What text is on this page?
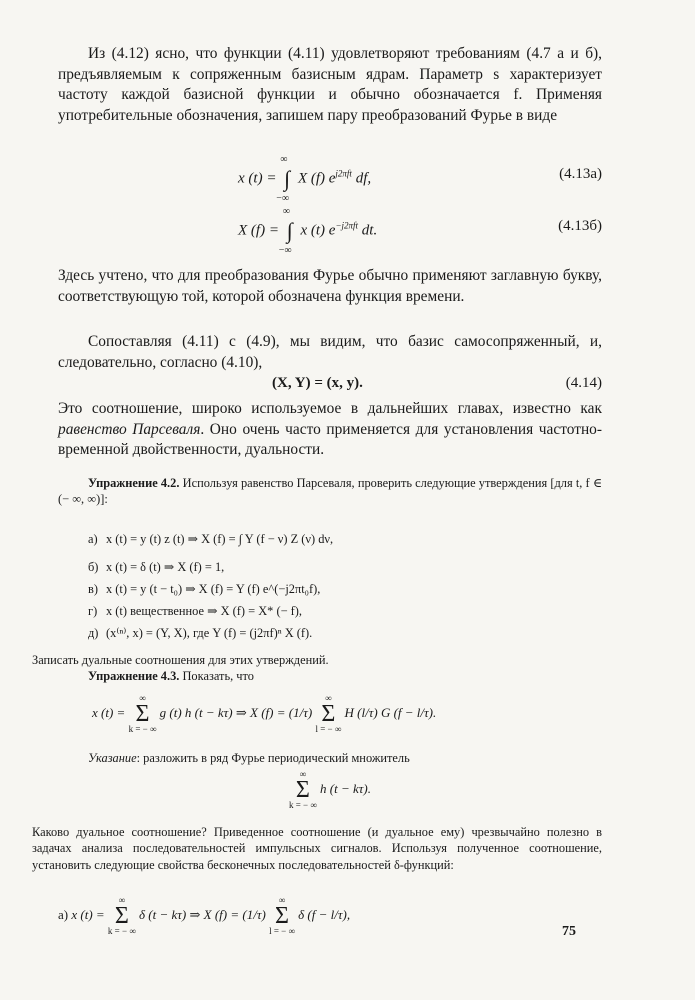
Из (4.12) ясно, что функции (4.11) удовлетворяют требованиям (4.7 а и б), предъявляемым к сопряженным базисным ядрам. Параметр s характеризует частоту каждой базисной функции и обычно обозначается f. Применяя употребительные обозначения, запишем пару преобразований Фурье в виде

x (t) = ∫
∞
−∞
X (f) $e^{j2\pi ft}$ df,	(4.13а)
X (f) = ∫
∞
−∞
x (t) $e^{-j2\pi ft}$ dt.	(4.13б)

Здесь учтено, что для преобразования Фурье обычно применяют заглавную букву, соответствующую той, которой обозначена функция времени.

Сопоставляя (4.11) с (4.9), мы видим, что базис самосопряженный, и, следовательно, согласно (4.10),

(X, Y) = (x, y).	(4.14)

Это соотношение, широко используемое в дальнейших главах, известно как равенство Парсеваля. Оно очень часто применяется для установления частотно-временной двойственности, дуальности.

Упражнение 4.2. Используя равенство Парсеваля, проверить следующие утверждения [для t, f ∈ (− ∞, ∞)]:

а) x (t) = y (t) z (t) ⇒ X (f) = ∫ Y (f − ν) Z (ν) dν,
б) x (t) = δ (t) ⇒ X (f) = 1,
в) x (t) = y (t − t₀) ⇒ X (f) = Y (f) e^(−j2πt₀f),
г) x (t) вещественное ⇒ X (f) = X* (− f),
д) (x⁽ⁿ⁾, x) = (Y, X), где Y (f) = (j2πf)ⁿ X (f).

Записать дуальные соотношения для этих утверждений.

Упражнение 4.3. Показать, что

x (t) =
∞
Σ
k = − ∞
g (t) h (t − kτ) ⇒ X (f) = (1/τ)
∞
Σ
l = − ∞
H (l/τ) G (f − l/τ).

Указание: разложить в ряд Фурье периодический множитель

∞
Σ
k = − ∞
h (t − kτ).

Каково дуальное соотношение? Приведенное соотношение (и дуальное ему) чрезвычайно полезно в задачах анализа последовательностей импульсных сигналов. Используя полученное соотношение, установить следующие свойства бесконечных последовательностей δ-функций:

а) x (t) =
∞
Σ
k = − ∞
δ (t − kτ) ⇒ X (f) = (1/τ)
∞
Σ
l = − ∞
δ (f − l/τ),
75
